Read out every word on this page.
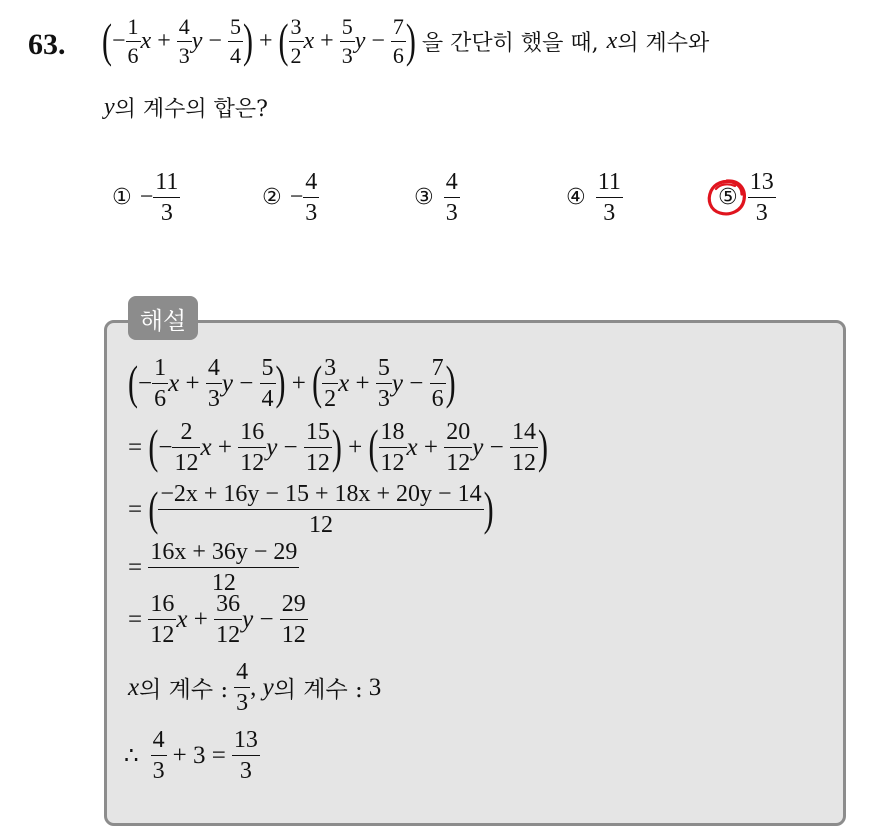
63. ( − $\frac{1}{6}$ $x + \frac{4}{3}$ $y - \frac{5}{4}$ ) + ( $\frac{3}{2}$ $x + \frac{5}{3}$ $y - \frac{7}{6}$ ) 을 간단히 했을 때, x 의 계수와
y 의 계수의 합은?
① − $\frac{11}{3}$	② − $\frac{4}{3}$	③ $\frac{4}{3}$	④ $\frac{11}{3}$	⑤ $\frac{13}{3}$
해설
( − $\frac{1}{6}$ $x + \frac{4}{3}$ $y - \frac{5}{4}$ ) + ( $\frac{3}{2}$ $x + \frac{5}{3}$ $y - \frac{7}{6}$ )
= ( − $\frac{2}{12}$ $x + \frac{16}{12}$ $y - \frac{15}{12}$ ) + ( $\frac{18}{12}$ $x + \frac{20}{12}$ $y - \frac{14}{12}$ )
= ( $\frac{-2x + 16y - 15 + 18x + 20y - 14}{12}$ )
= $\frac{16x + 36y - 29}{12}$
= $\frac{16}{12}$ $x + \frac{36}{12}$ $y - \frac{29}{12}$
x 의 계수 : $\frac{4}{3}$ , y 의 계수 : 3
∴ $\frac{4}{3} + 3 = \frac{13}{3}$
